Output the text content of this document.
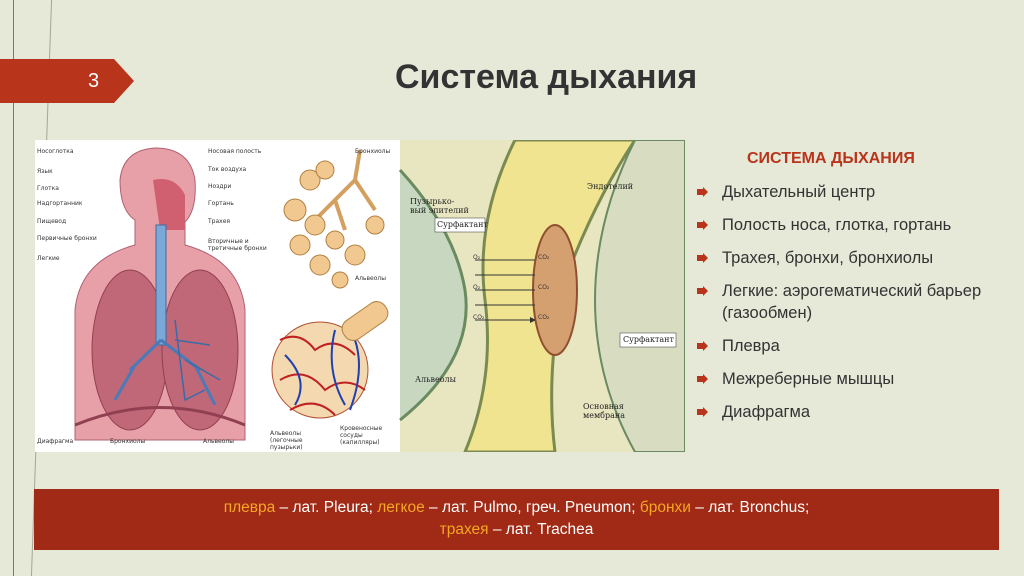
3	Система дыхания
Носоглотка
Язык
Глотка
Надгортанник
Пищевод
Первичные бронхи
Легкие
Диафрагма
Носовая полость
Ток воздуха
Ноздри
Гортань
Трахея
Вторичные и третичные бронхи
Альвеолы
Бронхиолы
Бронхиолы
Альвеолы
Альвеолы (легочные пузырьки)
Кровеносные сосуды (капилляры)
Пузырько-вый эпителий
Эндотелий
Сурфактант
Сурфактант
Альвеолы
Основная мембрана
O₂	CO₂
O₂	CO₂
CO₂	CO₂
СИСТЕМА ДЫХАНИЯ
Дыхательный центр
Полость носа, глотка, гортань
Трахея, бронхи, бронхиолы
Легкие: аэрогематический барьер (газообмен)
Плевра
Межреберные мышцы
Диафрагма
плевра – лат. Pleura; легкое – лат. Pulmo, греч. Pneumon; бронхи – лат. Bronchus;
трахея – лат. Trachea
